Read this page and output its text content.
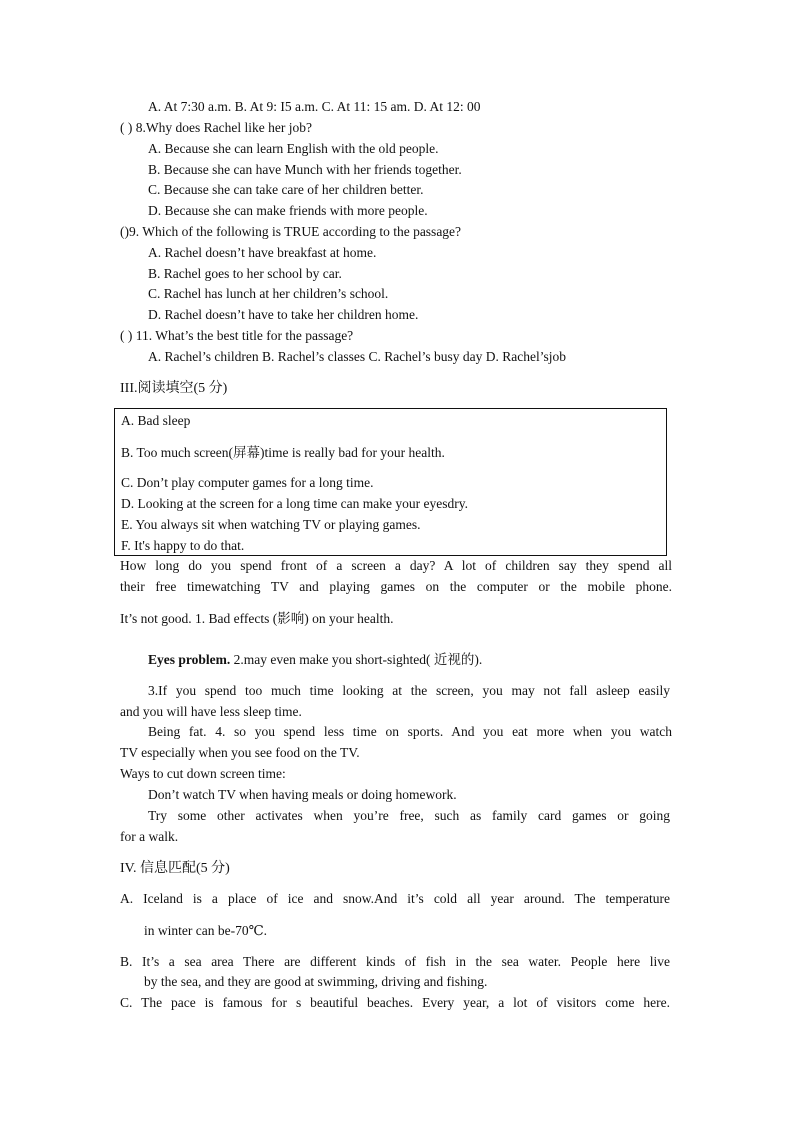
A. At 7:30 a.m. B. At 9: I5 a.m. C. At 11: 15 am. D. At 12: 00
( ) 8.Why does Rachel like her job?
A. Because she can learn English with the old people.
B. Because she can have Munch with her friends together.
C. Because she can take care of her children better.
D. Because she can make friends with more people.
()9. Which of the following is TRUE according to the passage?
A. Rachel doesn’t have breakfast at home.
B. Rachel goes to her school by car.
C. Rachel has lunch at her children’s school.
D. Rachel doesn’t have to take her children home.
( ) 11. What’s the best title for the passage?
A. Rachel’s children B. Rachel’s classes C. Rachel’s busy day D. Rachel’sjob
III.阅读填空(5 分)
A. Bad sleep
B. Too much screen(屏幕)time is really bad for your health.
C. Don’t play computer games for a long time.
D. Looking at the screen for a long time can make your eyesdry.
E. You always sit when watching TV or playing games.
F. It's happy to do that.
How long do you spend front of a screen a day? A lot of children say they spend all
their free timewatching TV and playing games on the computer or the mobile phone.
It’s not good. 1. Bad effects (影响) on your health.
Eyes problem. 2.may even make you short-sighted( 近视的).
3.If you spend too much time looking at the screen, you may not fall asleep easily
and you will have less sleep time.
Being fat. 4. so you spend less time on sports. And you eat more when you watch
TV especially when you see food on the TV.
Ways to cut down screen time:
Don’t watch TV when having meals or doing homework.
Try some other activates when you’re free, such as family card games or going
for a walk.
IV. 信息匹配(5 分)
A. Iceland is a place of ice and snow.And it’s cold all year around. The temperature
in winter can be-70℃.
B. It’s a sea area There are different kinds of fish in the sea water. People here live
by the sea, and they are good at swimming, driving and fishing.
C. The pace is famous for s beautiful beaches. Every year, a lot of visitors come here.
